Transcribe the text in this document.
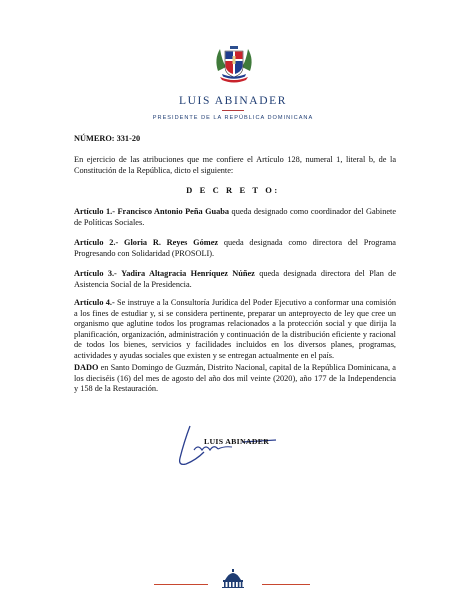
LUIS ABINADER
PRESIDENTE DE LA REPÚBLICA DOMINICANA
NÚMERO: 331-20
En ejercicio de las atribuciones que me confiere el Artículo 128, numeral 1, literal b, de la Constitución de la República, dicto el siguiente:
D E C R E T O:
Artículo 1.- Francisco Antonio Peña Guaba queda designado como coordinador del Gabinete de Políticas Sociales.
Artículo 2.- Gloria R. Reyes Gómez queda designada como directora del Programa Progresando con Solidaridad (PROSOLI).
Artículo 3.- Yadira Altagracia Henríquez Núñez queda designada directora del Plan de Asistencia Social de la Presidencia.
Artículo 4.- Se instruye a la Consultoría Jurídica del Poder Ejecutivo a conformar una comisión a los fines de estudiar y, si se considera pertinente, preparar un anteproyecto de ley que cree un organismo que aglutine todos los programas relacionados a la protección social y que dirija la planificación, organización, administración y continuación de la distribución eficiente y racional de todos los bienes, servicios y facilidades incluidos en los diversos planes, programas, actividades y ayudas sociales que existen y se entregan actualmente en el país.
DADO en Santo Domingo de Guzmán, Distrito Nacional, capital de la República Dominicana, a los dieciséis (16) del mes de agosto del año dos mil veinte (2020), año 177 de la Independencia y 158 de la Restauración.
LUIS ABINADER
